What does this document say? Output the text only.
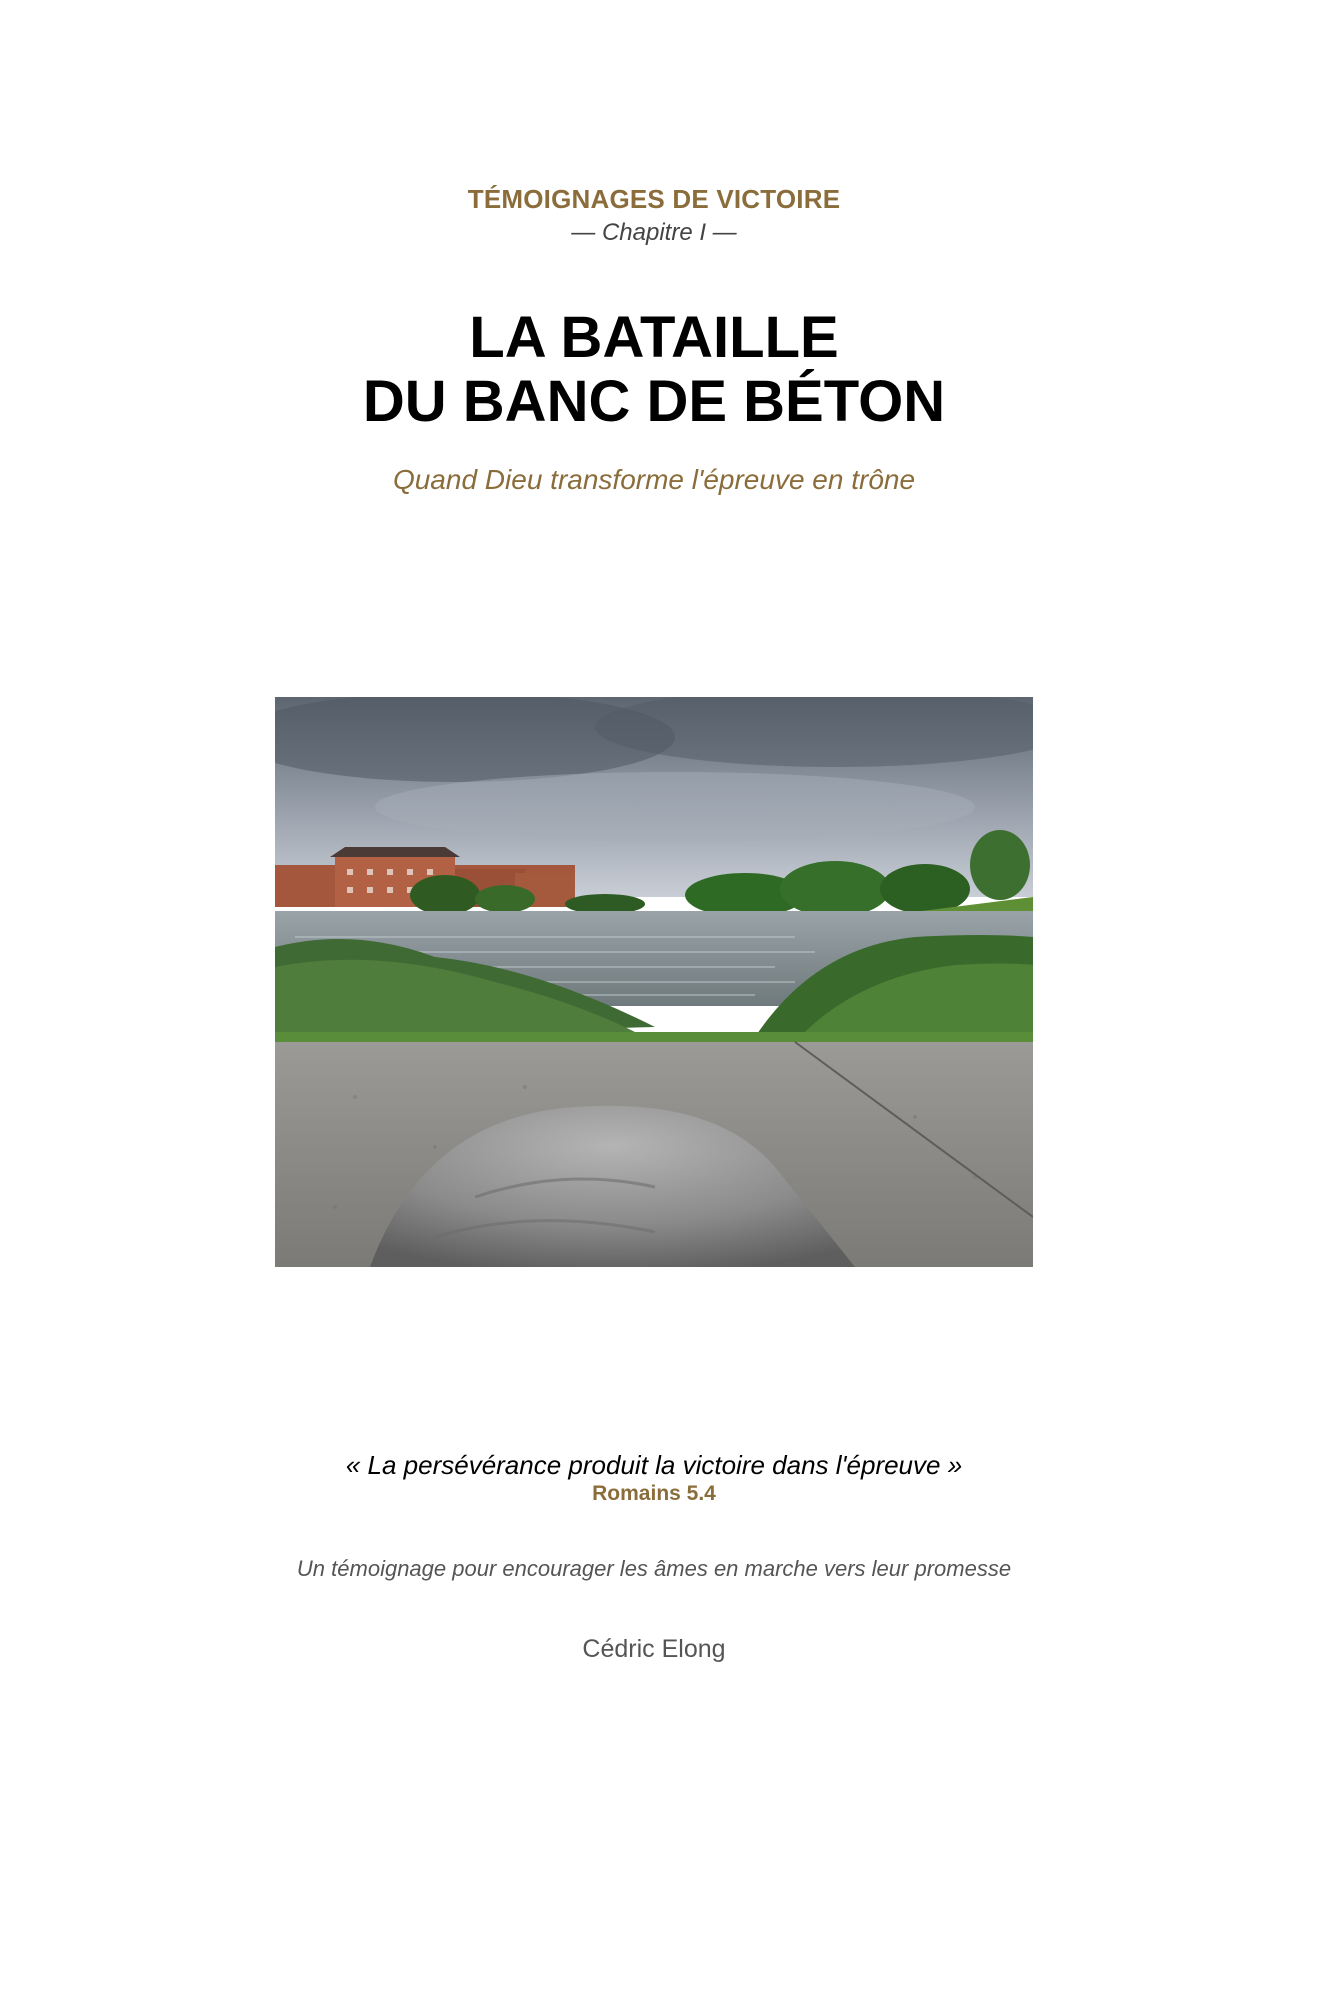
TÉMOIGNAGES DE VICTOIRE
— Chapitre I —
LA BATAILLE
DU BANC DE BÉTON
Quand Dieu transforme l'épreuve en trône
« La persévérance produit la victoire dans l'épreuve »
Romains 5.4
Un témoignage pour encourager les âmes en marche vers leur promesse
Cédric Elong
